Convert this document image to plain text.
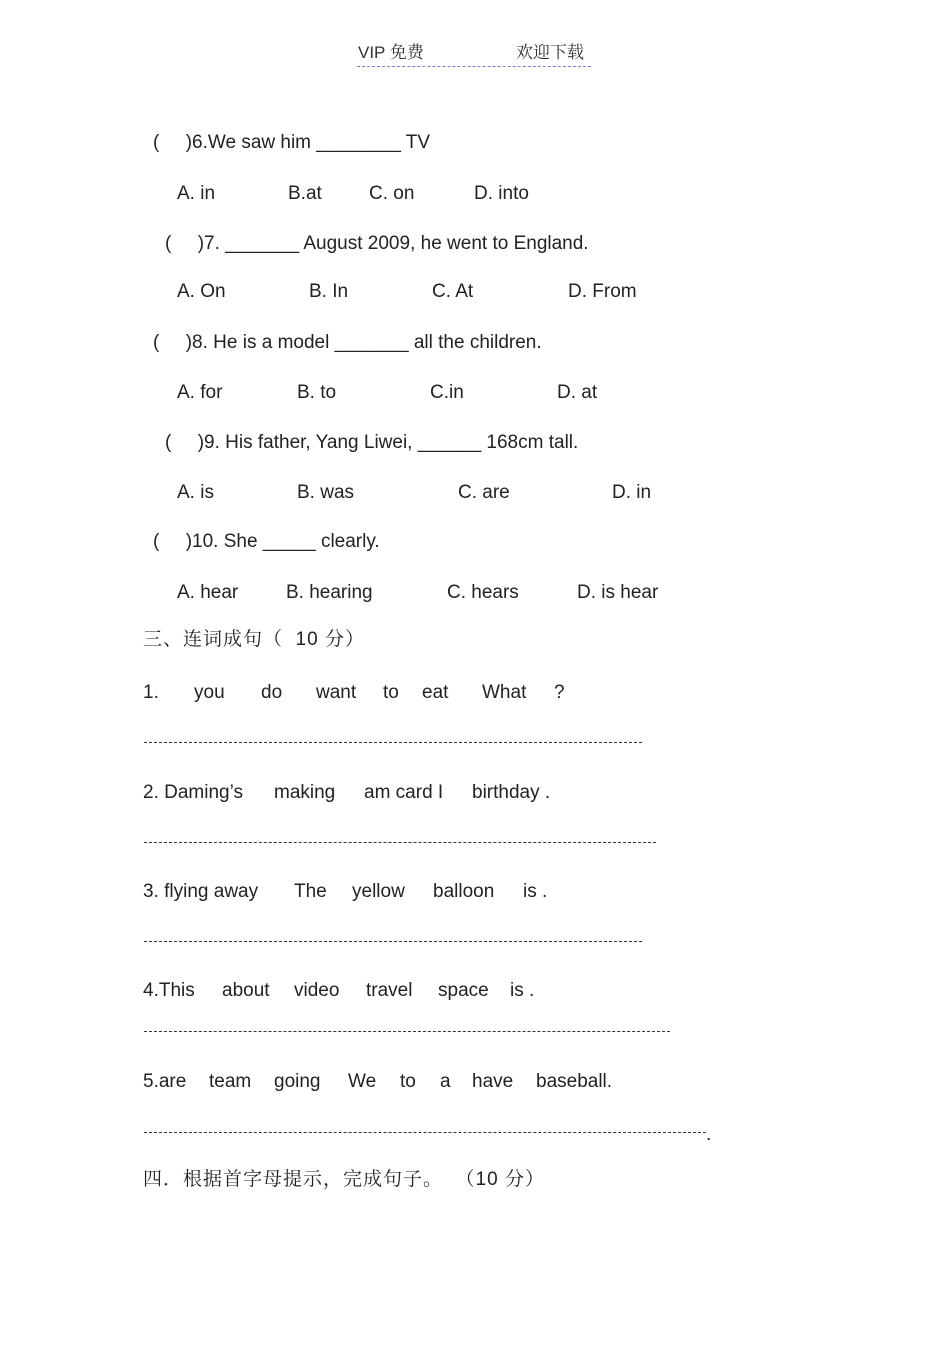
VIP 免费	欢迎下载
(     )6.We saw him ________ TV
A. in	B.at C. on	D. into
(     )7. _______ August 2009, he went to England.
A. On	B. In	C. At	D. From
(     )8. He is a model _______ all the children.
A. for	B. to	C.in	D. at
(     )9. His father, Yang Liwei, ______ 168cm tall.
A. is	B. was	C. are	D. in
(     )10. She _____ clearly.
A. hear	B. hearing	C. hears	D. is hear
三、连词成句（  10 分）
1. you do want to eat What ?
2. Daming’s making am card I birthday .
3. flying away The yellow balloon is .
4.This about video travel space is .
5.are team going We to a have baseball.
.
四．根据首字母提示，完成句子。  （10 分）
